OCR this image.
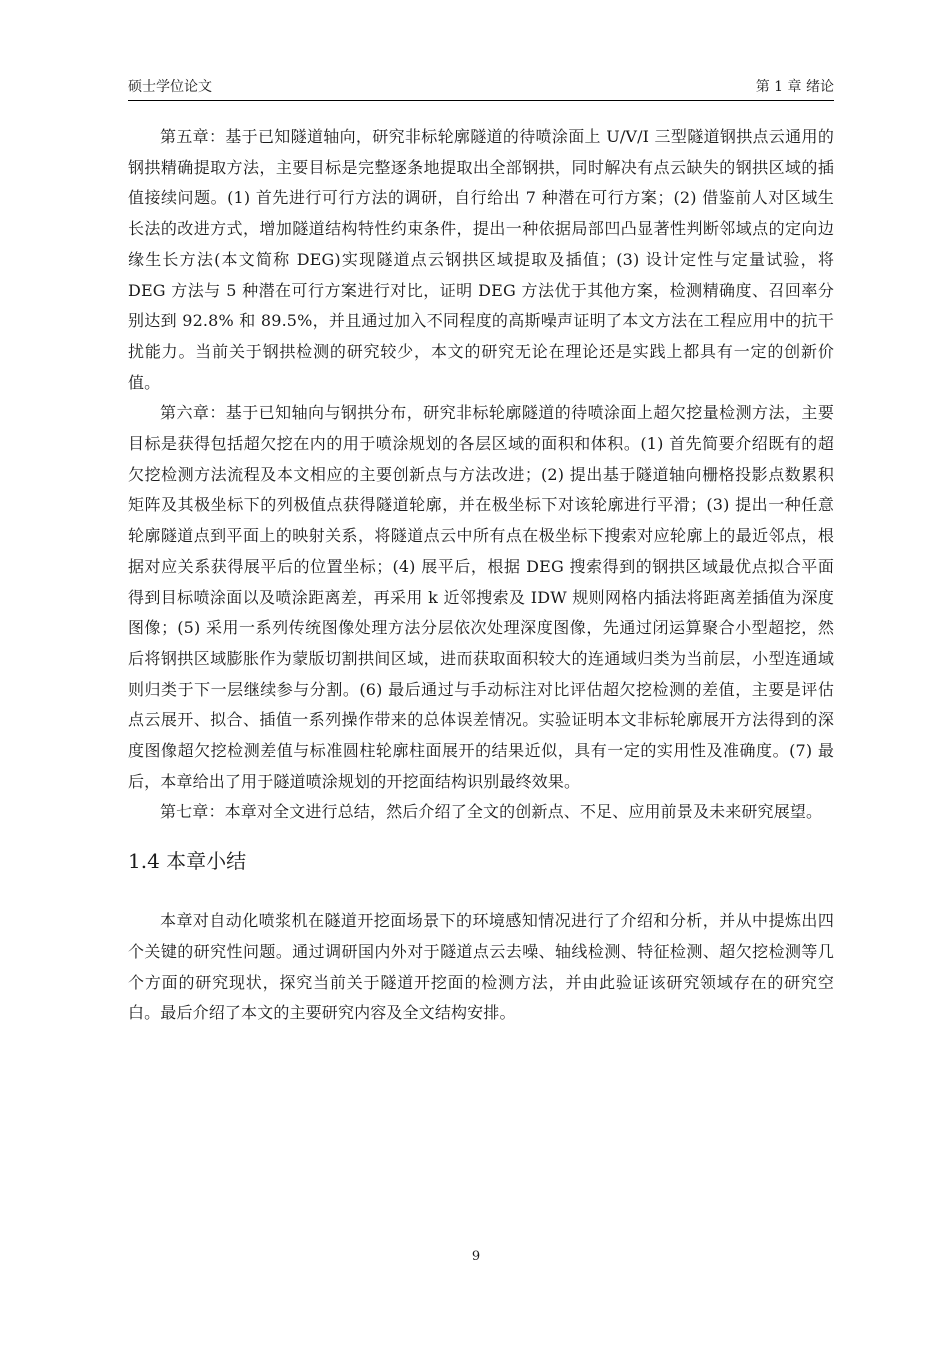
硕士学位论文	第 1 章 绪论

第五章：基于已知隧道轴向，研究非标轮廓隧道的待喷涂面上 U/V/I 三型隧道钢拱点云通用的钢拱精确提取方法，主要目标是完整逐条地提取出全部钢拱，同时解决有点云缺失的钢拱区域的插值接续问题。(1) 首先进行可行方法的调研，自行给出 7 种潜在可行方案；(2) 借鉴前人对区域生长法的改进方式，增加隧道结构特性约束条件，提出一种依据局部凹凸显著性判断邻域点的定向边缘生长方法(本文简称 DEG)实现隧道点云钢拱区域提取及插值；(3) 设计定性与定量试验，将 DEG 方法与 5 种潜在可行方案进行对比，证明 DEG 方法优于其他方案，检测精确度、召回率分别达到 92.8% 和 89.5%，并且通过加入不同程度的高斯噪声证明了本文方法在工程应用中的抗干扰能力。当前关于钢拱检测的研究较少，本文的研究无论在理论还是实践上都具有一定的创新价值。

第六章：基于已知轴向与钢拱分布，研究非标轮廓隧道的待喷涂面上超欠挖量检测方法，主要目标是获得包括超欠挖在内的用于喷涂规划的各层区域的面积和体积。(1) 首先简要介绍既有的超欠挖检测方法流程及本文相应的主要创新点与方法改进；(2) 提出基于隧道轴向栅格投影点数累积矩阵及其极坐标下的列极值点获得隧道轮廓，并在极坐标下对该轮廓进行平滑；(3) 提出一种任意轮廓隧道点到平面上的映射关系，将隧道点云中所有点在极坐标下搜索对应轮廓上的最近邻点，根据对应关系获得展平后的位置坐标；(4) 展平后，根据 DEG 搜索得到的钢拱区域最优点拟合平面得到目标喷涂面以及喷涂距离差，再采用 k 近邻搜索及 IDW 规则网格内插法将距离差插值为深度图像；(5) 采用一系列传统图像处理方法分层依次处理深度图像，先通过闭运算聚合小型超挖，然后将钢拱区域膨胀作为蒙版切割拱间区域，进而获取面积较大的连通域归类为当前层，小型连通域则归类于下一层继续参与分割。(6) 最后通过与手动标注对比评估超欠挖检测的差值，主要是评估点云展开、拟合、插值一系列操作带来的总体误差情况。实验证明本文非标轮廓展开方法得到的深度图像超欠挖检测差值与标准圆柱轮廓柱面展开的结果近似，具有一定的实用性及准确度。(7) 最后，本章给出了用于隧道喷涂规划的开挖面结构识别最终效果。

第七章：本章对全文进行总结，然后介绍了全文的创新点、不足、应用前景及未来研究展望。

1.4 本章小结

本章对自动化喷浆机在隧道开挖面场景下的环境感知情况进行了介绍和分析，并从中提炼出四个关键的研究性问题。通过调研国内外对于隧道点云去噪、轴线检测、特征检测、超欠挖检测等几个方面的研究现状，探究当前关于隧道开挖面的检测方法，并由此验证该研究领域存在的研究空白。最后介绍了本文的主要研究内容及全文结构安排。

9
